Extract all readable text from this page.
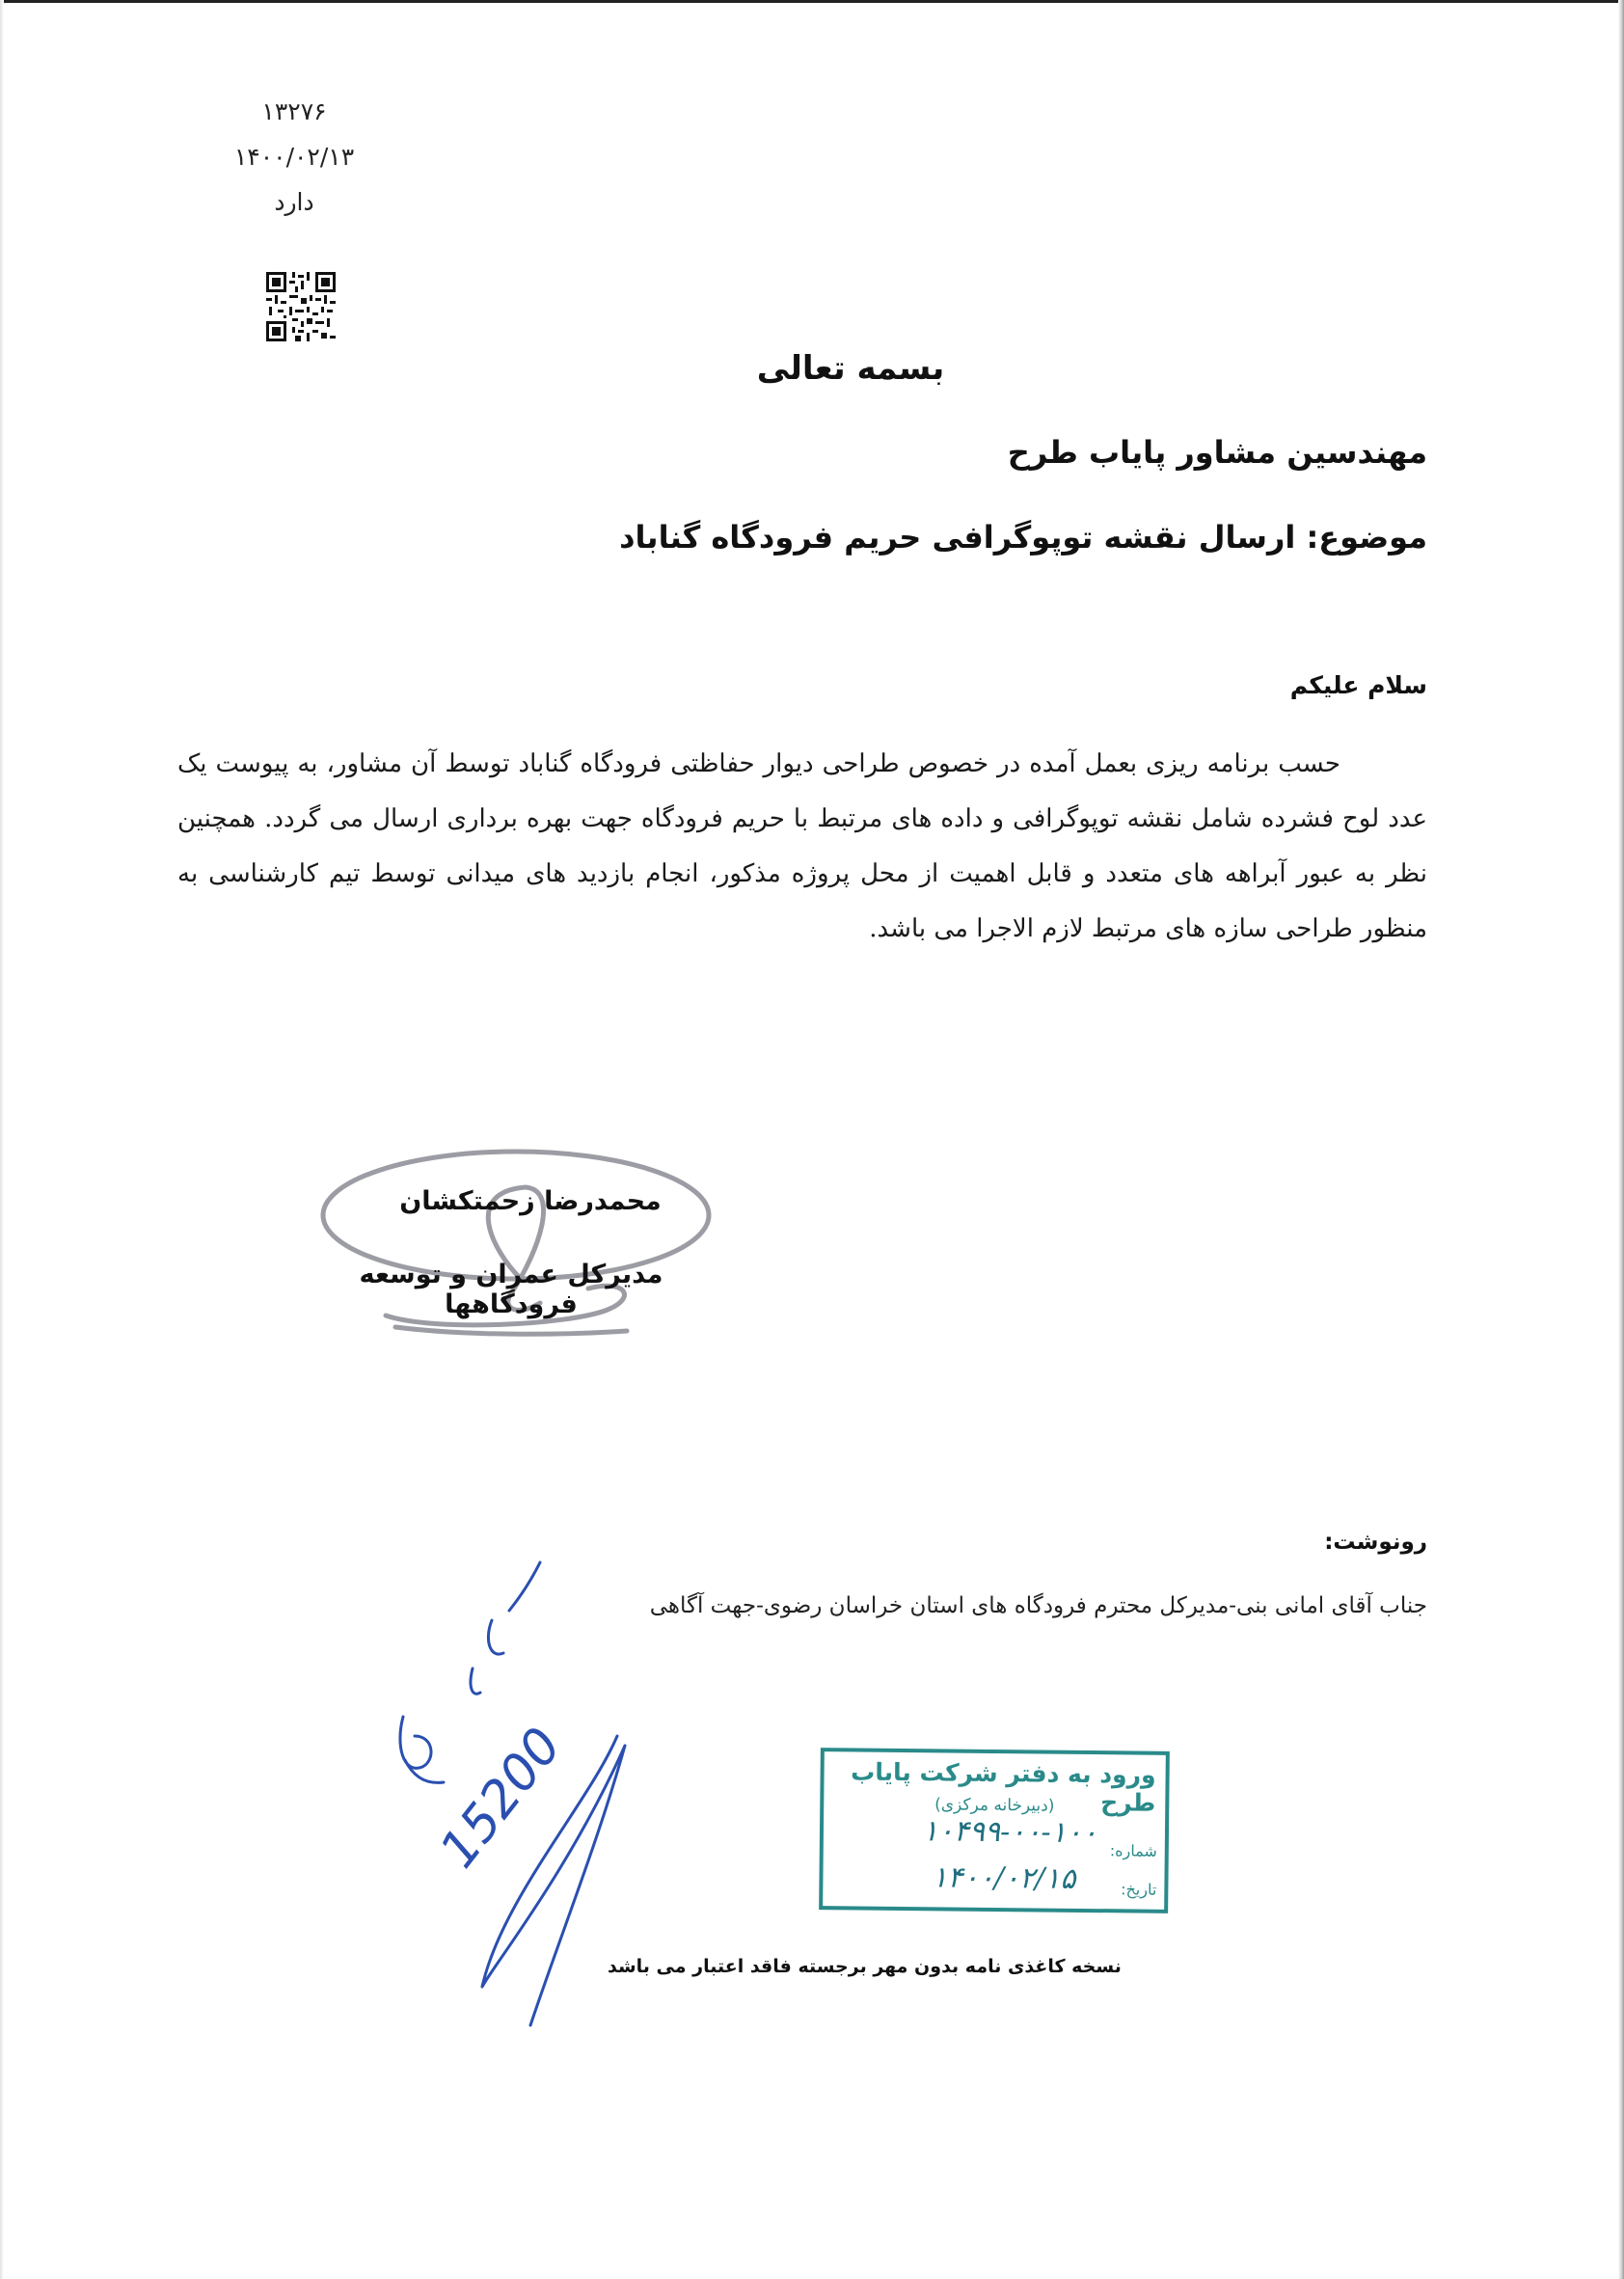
۱۳۲۷۶
۱۴۰۰/۰۲/۱۳
دارد
بسمه تعالی
مهندسین مشاور پایاب طرح
موضوع: ارسال نقشه توپوگرافی حریم فرودگاه گناباد
سلام علیکم
حسب برنامه ریزی بعمل آمده در خصوص طراحی دیوار حفاظتی فرودگاه گناباد توسط آن مشاور، به پیوست یک عدد لوح فشرده شامل نقشه توپوگرافی و داده های مرتبط با حریم فرودگاه جهت بهره برداری ارسال می گردد. همچنین نظر به عبور آبراهه های متعدد و قابل اهمیت از محل پروژه مذکور، انجام بازدید های میدانی توسط تیم کارشناسی به منظور طراحی سازه های مرتبط لازم الاجرا می باشد.
محمدرضا زحمتکشان
مدیرکل عمران و توسعه فرودگاهها
رونوشت:
جناب آقای امانی بنی-مدیرکل محترم فرودگاه های استان خراسان رضوی-جهت آگاهی
15200	ورود به دفتر شرکت پایاب طرح
(دبیرخانه مرکزی)
شماره:
۱۰۴۹۹-۰۰-۱۰۰
تاریخ:
۱۴۰۰/۰۲/۱۵
نسخه کاغذی نامه بدون مهر برجسته فاقد اعتبار می باشد
